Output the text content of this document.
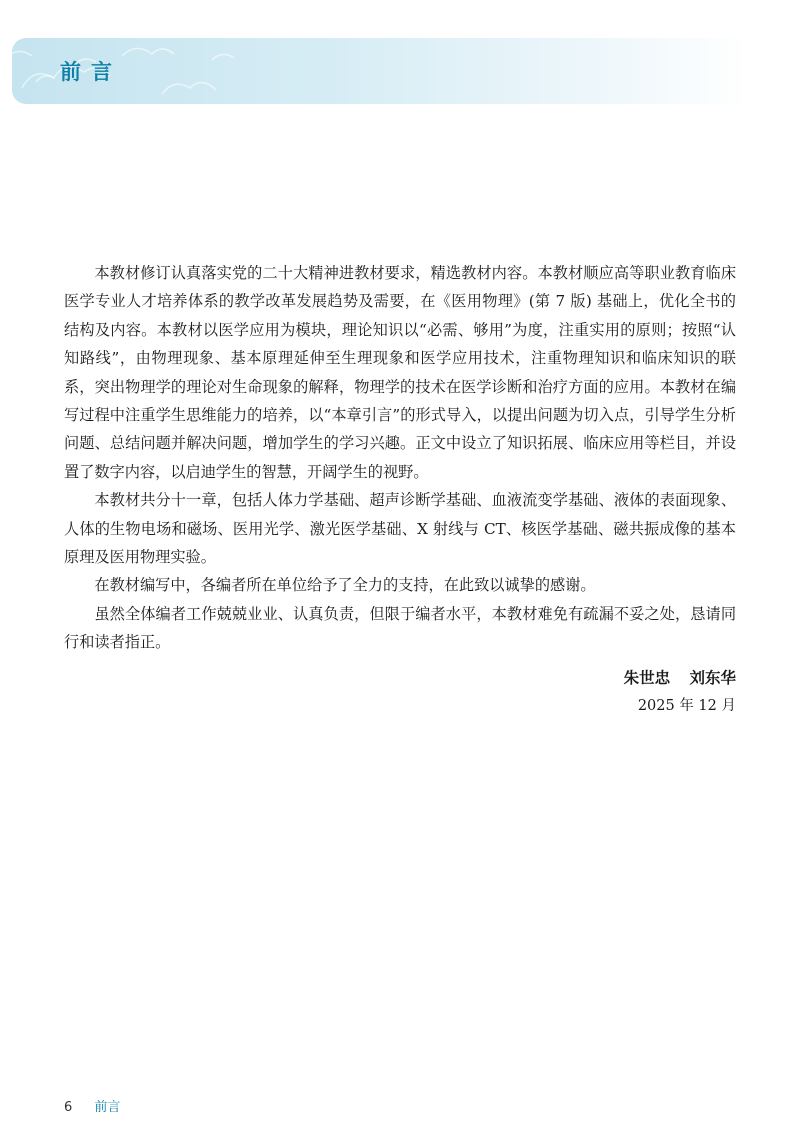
前言

本教材修订认真落实党的二十大精神进教材要求，精选教材内容。本教材顺应高等职业教育临床医学专业人才培养体系的教学改革发展趋势及需要，在《医用物理》(第 7 版) 基础上，优化全书的结构及内容。本教材以医学应用为模块，理论知识以“必需、够用”为度，注重实用的原则；按照“认知路线”，由物理现象、基本原理延伸至生理现象和医学应用技术，注重物理知识和临床知识的联系，突出物理学的理论对生命现象的解释，物理学的技术在医学诊断和治疗方面的应用。本教材在编写过程中注重学生思维能力的培养，以“本章引言”的形式导入，以提出问题为切入点，引导学生分析问题、总结问题并解决问题，增加学生的学习兴趣。正文中设立了知识拓展、临床应用等栏目，并设置了数字内容，以启迪学生的智慧，开阔学生的视野。

本教材共分十一章，包括人体力学基础、超声诊断学基础、血液流变学基础、液体的表面现象、人体的生物电场和磁场、医用光学、激光医学基础、X 射线与 CT、核医学基础、磁共振成像的基本原理及医用物理实验。

在教材编写中，各编者所在单位给予了全力的支持，在此致以诚挚的感谢。

虽然全体编者工作兢兢业业、认真负责，但限于编者水平，本教材难免有疏漏不妥之处，恳请同行和读者指正。

朱世忠 刘东华
2025 年 12 月
6 前言
